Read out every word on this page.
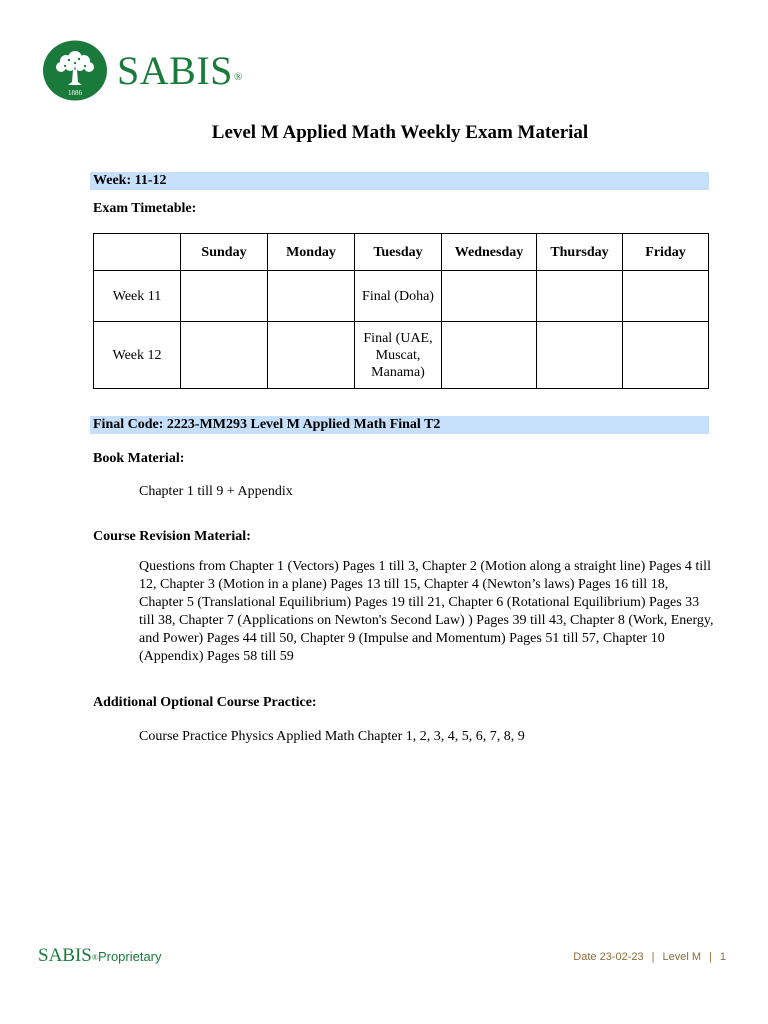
1886 SABIS®
Level M Applied Math Weekly Exam Material
Week: 11-12
Exam Timetable:
	Sunday	Monday	Tuesday	Wednesday	Thursday	Friday
Week 11			Final (Doha)			
Week 12			Final (UAE, Muscat, Manama)			
Final Code: 2223-MM293 Level M Applied Math Final T2
Book Material:
Chapter 1 till 9 + Appendix
Course Revision Material:
Questions from Chapter 1 (Vectors) Pages 1 till 3, Chapter 2 (Motion along a straight line) Pages 4 till 12, Chapter 3 (Motion in a plane) Pages 13 till 15, Chapter 4 (Newton’s laws) Pages 16 till 18, Chapter 5 (Translational Equilibrium) Pages 19 till 21, Chapter 6 (Rotational Equilibrium) Pages 33 till 38, Chapter 7 (Applications on Newton's Second Law) ) Pages 39 till 43, Chapter 8 (Work, Energy, and Power) Pages 44 till 50, Chapter 9 (Impulse and Momentum) Pages 51 till 57, Chapter 10 (Appendix) Pages 58 till 59
Additional Optional Course Practice:
Course Practice Physics Applied Math Chapter 1, 2, 3, 4, 5, 6, 7, 8, 9
SABIS®Proprietary	Date 23-02-23 | Level M | 1
